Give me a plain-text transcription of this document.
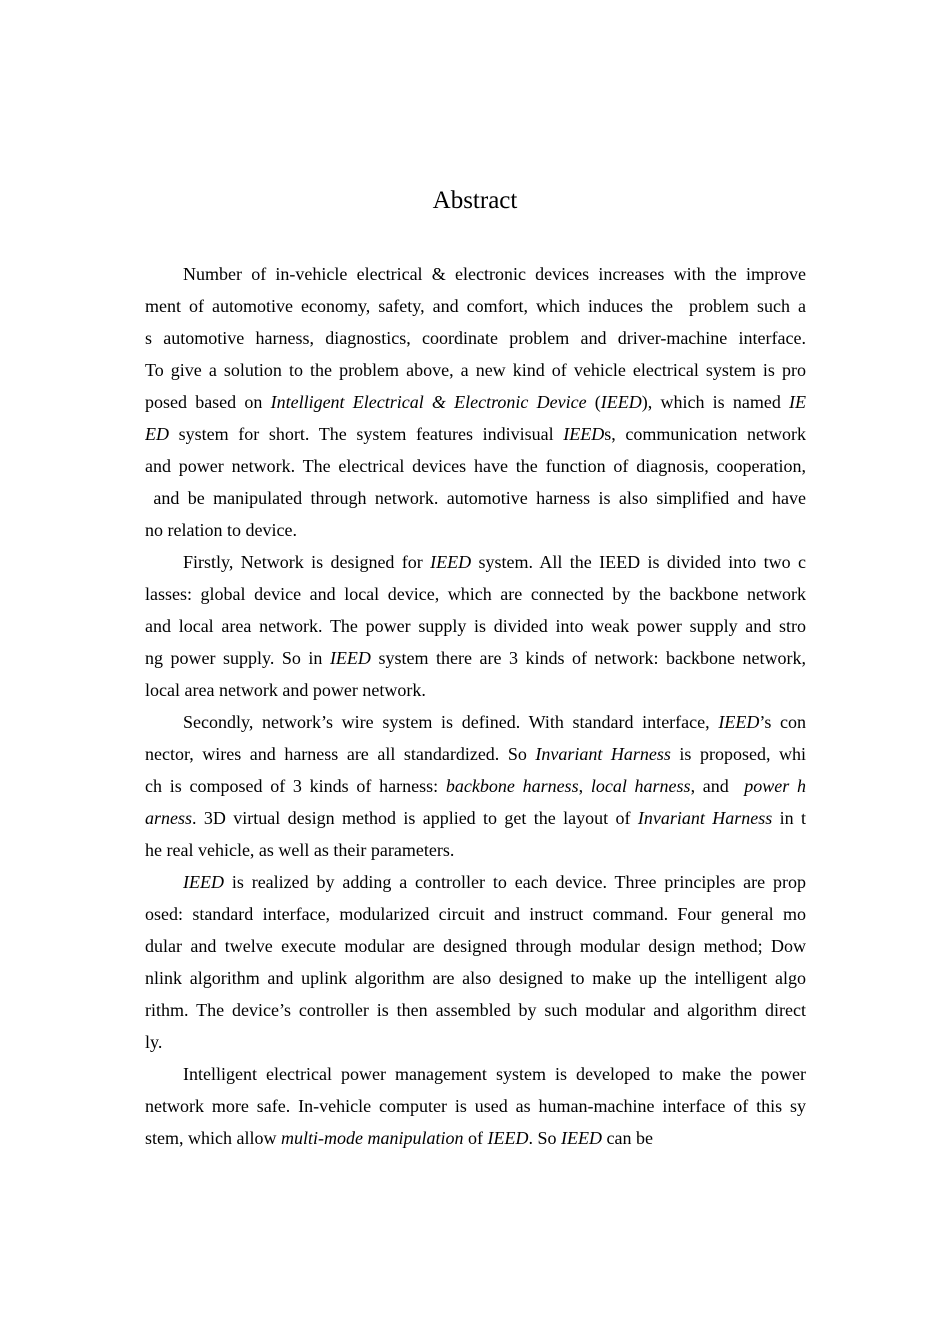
Abstract
Number of in-vehicle electrical & electronic devices increases with the improve
ment of automotive economy, safety, and comfort, which induces the  problem such a
s automotive harness, diagnostics, coordinate problem and driver-machine interface.
To give a solution to the problem above, a new kind of vehicle electrical system is pro
posed based on Intelligent Electrical & Electronic Device (IEED), which is named IE
ED system for short. The system features indivisual IEEDs, communication network
and power network. The electrical devices have the function of diagnosis, cooperation,
and be manipulated through network. automotive harness is also simplified and have
no relation to device.
Firstly, Network is designed for IEED system. All the IEED is divided into two c
lasses: global device and local device, which are connected by the backbone network
and local area network. The power supply is divided into weak power supply and stro
ng power supply. So in IEED system there are 3 kinds of network: backbone network,
local area network and power network.
Secondly, network’s wire system is defined. With standard interface, IEED’s con
nector, wires and harness are all standardized. So Invariant Harness is proposed, whi
ch is composed of 3 kinds of harness: backbone harness, local harness, and  power h
arness. 3D virtual design method is applied to get the layout of Invariant Harness in t
he real vehicle, as well as their parameters.
IEED is realized by adding a controller to each device. Three principles are prop
osed: standard interface, modularized circuit and instruct command. Four general mo
dular and twelve execute modular are designed through modular design method; Dow
nlink algorithm and uplink algorithm are also designed to make up the intelligent algo
rithm. The device’s controller is then assembled by such modular and algorithm direct
ly.
Intelligent electrical power management system is developed to make the power
network more safe. In-vehicle computer is used as human-machine interface of this sy
stem, which allow multi-mode manipulation of IEED. So IEED can be
